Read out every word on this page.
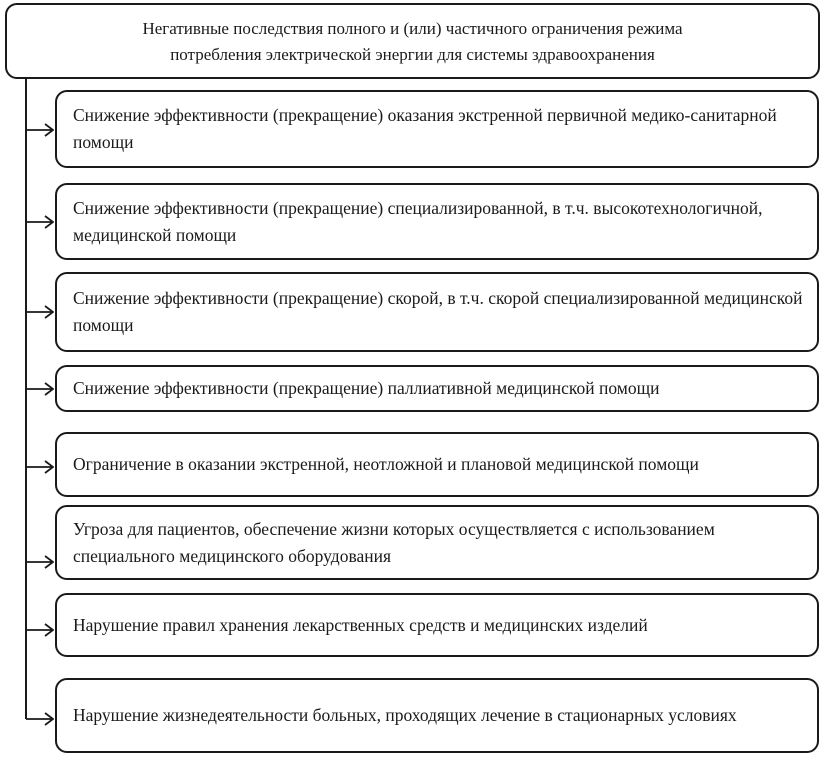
Негативные последствия полного и (или) частичного ограничения режима
потребления электрической энергии для системы здравоохранения
Снижение эффективности (прекращение) оказания экстренной первичной медико-санитарной помощи
Снижение эффективности (прекращение) специализированной, в т.ч. высокотехнологичной, медицинской помощи
Снижение эффективности (прекращение) скорой, в т.ч. скорой специализированной медицинской помощи
Снижение эффективности (прекращение) паллиативной медицинской помощи
Ограничение в оказании экстренной, неотложной и плановой медицинской помощи
Угроза для пациентов, обеспечение жизни которых осуществляется с использованием специального медицинского оборудования
Нарушение правил хранения лекарственных средств и медицинских изделий
Нарушение жизнедеятельности больных, проходящих лечение в стационарных условиях
